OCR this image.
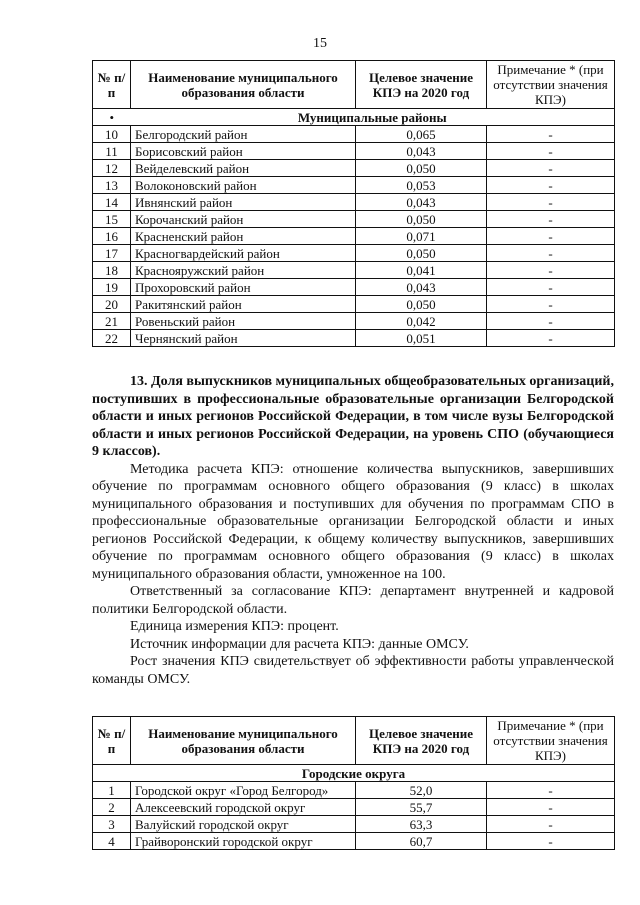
15
№ п/п	Наименование муниципального образования области	Целевое значение КПЭ на 2020 год	Примечание * (при отсутствии значения КПЭ)
•	Муниципальные районы		
10	Белгородский район	0,065	-
11	Борисовский район	0,043	-
12	Вейделевский район	0,050	-
13	Волоконовский район	0,053	-
14	Ивнянский район	0,043	-
15	Корочанский район	0,050	-
16	Красненский район	0,071	-
17	Красногвардейский район	0,050	-
18	Краснояружский район	0,041	-
19	Прохоровский район	0,043	-
20	Ракитянский район	0,050	-
21	Ровеньский район	0,042	-
22	Чернянский район	0,051	-

13. Доля выпускников муниципальных общеобразовательных организаций, поступивших в профессиональные образовательные организации Белгородской области и иных регионов Российской Федерации, в том числе вузы Белгородской области и иных регионов Российской Федерации, на уровень СПО (обучающиеся 9 классов).

Методика расчета КПЭ: отношение количества выпускников, завершивших обучение по программам основного общего образования (9 класс) в школах муниципального образования и поступивших для обучения по программам СПО в профессиональные образовательные организации Белгородской области и иных регионов Российской Федерации, к общему количеству выпускников, завершивших обучение по программам основного общего образования (9 класс) в школах муниципального образования области, умноженное на 100.

Ответственный за согласование КПЭ: департамент внутренней и кадровой политики Белгородской области.

Единица измерения КПЭ: процент.

Источник информации для расчета КПЭ: данные ОМСУ.

Рост значения КПЭ свидетельствует об эффективности работы управленческой команды ОМСУ.

№ п/п	Наименование муниципального образования области	Целевое значение КПЭ на 2020 год	Примечание * (при отсутствии значения КПЭ)
Городские округа			
1	Городской округ «Город Белгород»	52,0	-
2	Алексеевский городской округ	55,7	-
3	Валуйский городской округ	63,3	-
4	Грайворонский городской округ	60,7	-
